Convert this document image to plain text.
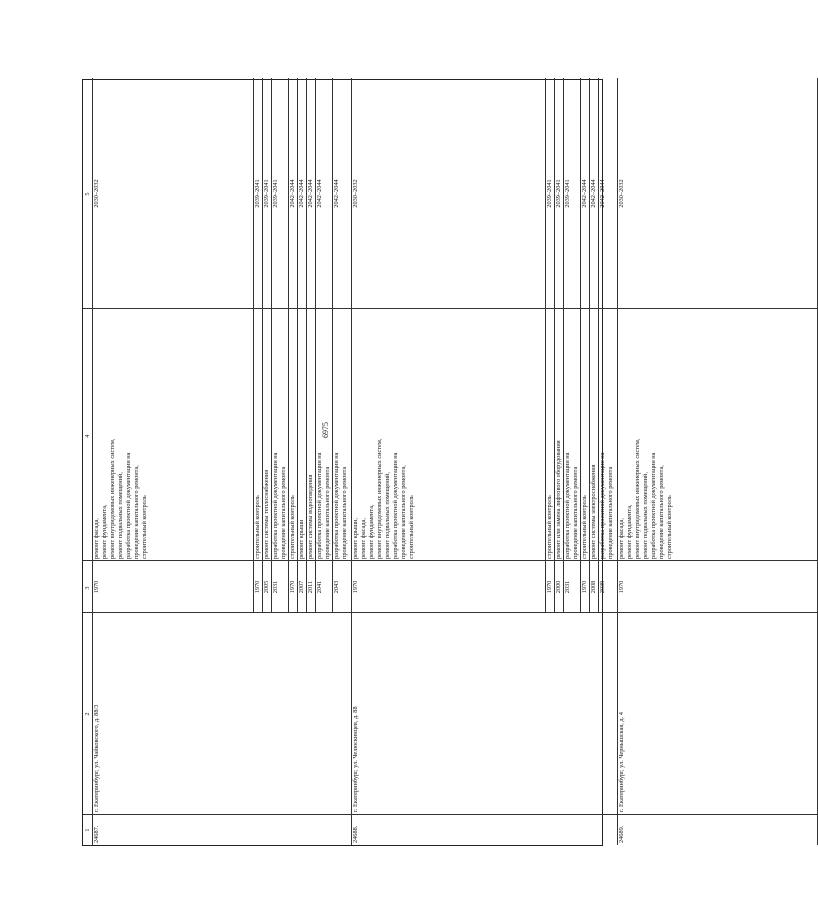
6975
1
2
3
4
5
1970
ремонт фасада, ремонт фундамента, ремонт внутридомовых инженерных систем, ремонт подвальных помещений, разработка проектной документации на проведение капитального ремонта, строительный контроль
2030–2032
1970
строительный контроль
2039–2041
2005
ремонт системы теплоснабжения
2039–2041
2031
разработка проектной документации на проведение капитального ремонта
2039–2041
1970
строительный контроль
2042–2044
2007
ремонт крыши
2042–2044
2011
ремонт системы водоотведения
2042–2044
2041
разработка проектной документации на проведение капитального ремонта
2042–2044
2043
разработка проектной документации на проведение капитального ремонта
2042–2044
24687.
г. Екатеринбург, ул. Чайковского, д. 88/3
1970
ремонт крыши, ремонт фасада, ремонт фундамента, ремонт внутридомовых инженерных систем, ремонт подвальных помещений, разработка проектной документации на проведение капитального ремонта, строительный контроль
2030–2032
1970
строительный контроль
2039–2041
2000
ремонт или замена лифтового оборудования
2039–2041
2031
разработка проектной документации на проведение капитального ремонта
2039–2041
1970
строительный контроль
2042–2044
2008
ремонт системы электроснабжения
2042–2044
2039
разработка проектной документации на проведение капитального ремонта
2042–2044
24688.
г. Екатеринбург, ул. Челюскинцев, д. 88
1970
ремонт фасада, ремонт фундамента, ремонт внутридомовых инженерных систем, ремонт подвальных помещений, разработка проектной документации на проведение капитального ремонта, строительный контроль
2030–2032
24689.
г. Екатеринбург, ул. Чернышская, д. 4
